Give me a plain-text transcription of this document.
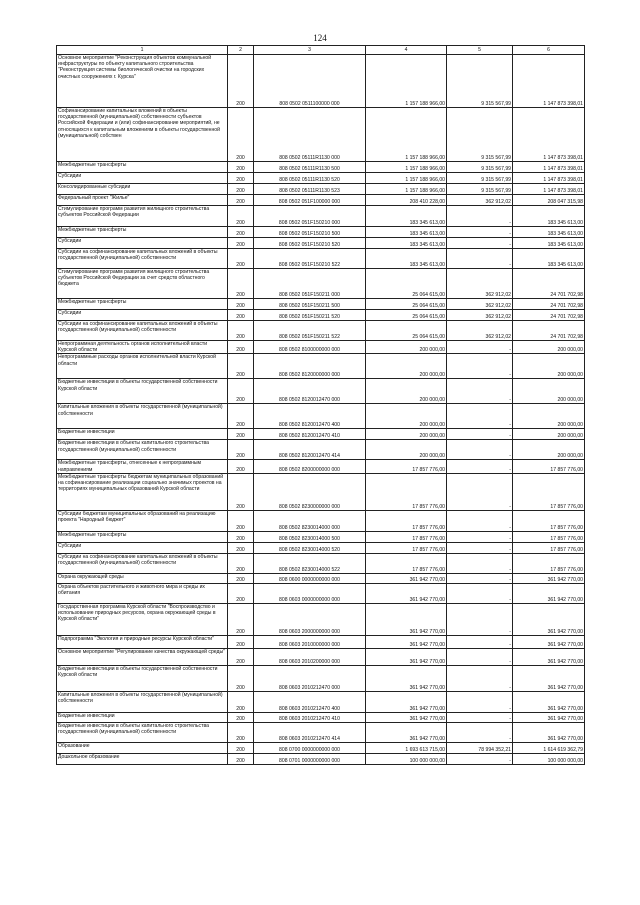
124
1	2	3	4	5	6
Основное мероприятие "Реконструкция объектов коммунальной инфраструктуры по объекту капитального строительства "Реконструкция системы биологической очистки на городских очистных сооружениях г. Курска"	200	808 0502 0511100000 000	1 157 188 966,00	9 315 567,99	1 147 873 398,01
Софинансирование капитальных вложений в объекты государственной (муниципальной) собственности субъектов Российской Федерации и (или) софинансирование мероприятий, не относящихся к капитальным вложениям в объекты государственной (муниципальной) собствен	200	808 0502 05111R1130 000	1 157 188 966,00	9 315 567,99	1 147 873 398,01
Межбюджетные трансферты	200	808 0502 05111R1130 500	1 157 188 966,00	9 315 567,99	1 147 873 398,01
Субсидии	200	808 0502 05111R1130 520	1 157 188 966,00	9 315 567,99	1 147 873 398,01
Консолидированные субсидии	200	808 0502 05111R1130 523	1 157 188 966,00	9 315 567,99	1 147 873 398,01
Федеральный проект "Жилье"	200	808 0502 051F100000 000	208 410 228,00	362 912,02	208 047 315,98
Стимулирование программ развития жилищного строительства субъектов Российской Федерации	200	808 0502 051F150210 000	183 345 613,00	-	183 345 613,00
Межбюджетные трансферты	200	808 0502 051F150210 500	183 345 613,00	-	183 345 613,00
Субсидии	200	808 0502 051F150210 520	183 345 613,00	-	183 345 613,00
Субсидии на софинансирование капитальных вложений в объекты государственной (муниципальной) собственности	200	808 0502 051F150210 522	183 345 613,00	-	183 345 613,00
Стимулирование программ развития жилищного строительства субъектов Российской Федерации за счет средств областного бюджета	200	808 0502 051F150211 000	25 064 615,00	362 912,02	24 701 702,98
Межбюджетные трансферты	200	808 0502 051F150211 500	25 064 615,00	362 912,02	24 701 702,98
Субсидии	200	808 0502 051F150211 520	25 064 615,00	362 912,02	24 701 702,98
Субсидии на софинансирование капитальных вложений в объекты государственной (муниципальной) собственности	200	808 0502 051F150211 522	25 064 615,00	362 912,02	24 701 702,98
Непрограммная деятельность органов исполнительной власти Курской области	200	808 0502 8100000000 000	200 000,00	-	200 000,00
Непрограммные расходы органов исполнительной власти Курской области	200	808 0502 8120000000 000	200 000,00	-	200 000,00
Бюджетные инвестиции в объекты государственной собственности Курской области	200	808 0502 8120012470 000	200 000,00	-	200 000,00
Капитальные вложения в объекты государственной (муниципальной) собственности	200	808 0502 8120012470 400	200 000,00	-	200 000,00
Бюджетные инвестиции	200	808 0502 8120012470 410	200 000,00	-	200 000,00
Бюджетные инвестиции в объекты капитального строительства государственной (муниципальной) собственности	200	808 0502 8120012470 414	200 000,00	-	200 000,00
Межбюджетные трансферты, отнесенные к непрограммным направлениям	200	808 0502 8200000000 000	17 857 776,00	-	17 857 776,00
Межбюджетные трансферты бюджетам муниципальных образований на софинансирование реализации социально значимых проектов на территориях муниципальных образований Курской области	200	808 0502 8230000000 000	17 857 776,00	-	17 857 776,00
Субсидии бюджетам муниципальных образований на реализацию проекта "Народный бюджет"	200	808 0502 8230014000 000	17 857 776,00	-	17 857 776,00
Межбюджетные трансферты	200	808 0502 8230014000 500	17 857 776,00	-	17 857 776,00
Субсидии	200	808 0502 8230014000 520	17 857 776,00	-	17 857 776,00
Субсидии на софинансирование капитальных вложений в объекты государственной (муниципальной) собственности	200	808 0502 8230014000 522	17 857 776,00	-	17 857 776,00
Охрана окружающей среды	200	808 0600 0000000000 000	361 942 770,00	-	361 942 770,00
Охрана объектов растительного и животного мира и среды их обитания	200	808 0603 0000000000 000	361 942 770,00	-	361 942 770,00
Государственная программа Курской области "Воспроизводство и использование природных ресурсов, охрана окружающей среды в Курской области"	200	808 0603 2000000000 000	361 942 770,00	-	361 942 770,00
Подпрограмма "Экология и природные ресурсы Курской области"	200	808 0603 2010000000 000	361 942 770,00	-	361 942 770,00
Основное мероприятие "Регулирование качества окружающей среды"	200	808 0603 2010200000 000	361 942 770,00	-	361 942 770,00
Бюджетные инвестиции в объекты государственной собственности Курской области	200	808 0603 2010212470 000	361 942 770,00	-	361 942 770,00
Капитальные вложения в объекты государственной (муниципальной) собственности	200	808 0603 2010212470 400	361 942 770,00	-	361 942 770,00
Бюджетные инвестиции	200	808 0603 2010212470 410	361 942 770,00	-	361 942 770,00
Бюджетные инвестиции в объекты капитального строительства государственной (муниципальной) собственности	200	808 0603 2010212470 414	361 942 770,00	-	361 942 770,00
Образование	200	808 0700 0000000000 000	1 693 613 715,00	78 994 352,21	1 614 619 362,79
Дошкольное образование	200	808 0701 0000000000 000	100 000 000,00	-	100 000 000,00
